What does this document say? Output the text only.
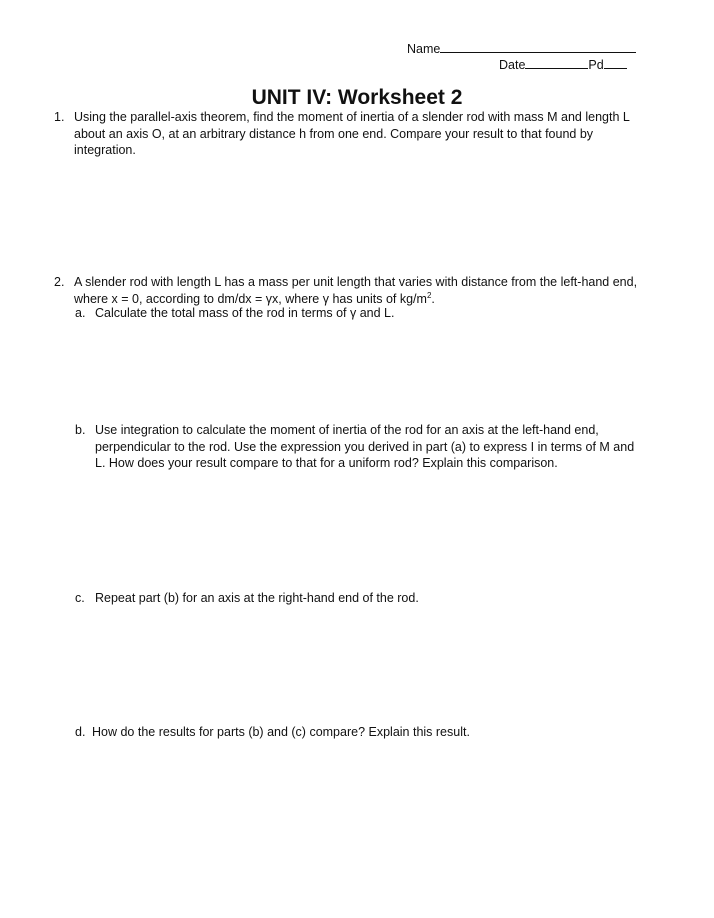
Name
Date	Pd
UNIT IV: Worksheet 2
1. Using the parallel-axis theorem, find the moment of inertia of a slender rod with mass M and length L about an axis O, at an arbitrary distance h from one end. Compare your result to that found by integration.
2. A slender rod with length L has a mass per unit length that varies with distance from the left-hand end, where x = 0, according to dm/dx = γx, where γ has units of $kg/m^2$.
a. Calculate the total mass of the rod in terms of γ and L.
b. Use integration to calculate the moment of inertia of the rod for an axis at the left-hand end, perpendicular to the rod. Use the expression you derived in part (a) to express I in terms of M and L. How does your result compare to that for a uniform rod? Explain this comparison.
c. Repeat part (b) for an axis at the right-hand end of the rod.
d. How do the results for parts (b) and (c) compare? Explain this result.
